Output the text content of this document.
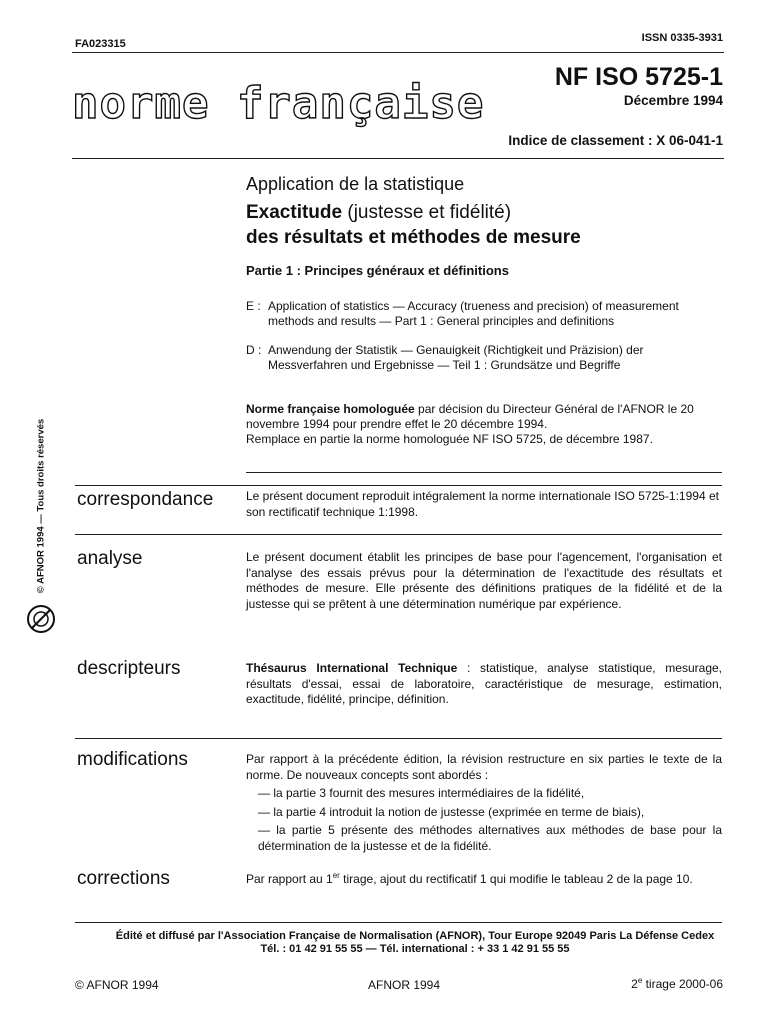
FA023315	ISSN 0335-3931
norme française
NF ISO 5725-1
Décembre 1994
Indice de classement : X 06-041-1
Application de la statistique
Exactitude (justesse et fidélité)
des résultats et méthodes de mesure
Partie 1 : Principes généraux et définitions
E : Application of statistics — Accuracy (trueness and precision) of measurement methods and results — Part 1 : General principles and definitions
D : Anwendung der Statistik — Genauigkeit (Richtigkeit und Präzision) der Messverfahren und Ergebnisse — Teil 1 : Grundsätze und Begriffe

Norme française homologuée par décision du Directeur Général de l'AFNOR le 20 novembre 1994 pour prendre effet le 20 décembre 1994.

Remplace en partie la norme homologuée NF ISO 5725, de décembre 1987.

© AFNOR 1994 — Tous droits réservés correspondance	Le présent document reproduit intégralement la norme internationale ISO 5725-1:1994 et son rectificatif technique 1:1998.
analyse	Le présent document établit les principes de base pour l'agencement, l'organisation et l'analyse des essais prévus pour la détermination de l'exactitude des résultats et méthodes de mesure. Elle présente des définitions pratiques de la fidélité et de la justesse qui se prêtent à une détermination numérique par expérience.
descripteurs	Thésaurus International Technique : statistique, analyse statistique, mesurage, résultats d'essai, essai de laboratoire, caractéristique de mesurage, estimation, exactitude, fidélité, principe, définition.
modifications	Par rapport à la précédente édition, la révision restructure en six parties le texte de la norme. De nouveaux concepts sont abordés :

— la partie 3 fournit des mesures intermédiaires de la fidélité,

— la partie 4 introduit la notion de justesse (exprimée en terme de biais),

— la partie 5 présente des méthodes alternatives aux méthodes de base pour la détermination de la justesse et de la fidélité.

corrections	Par rapport au 1er tirage, ajout du rectificatif 1 qui modifie le tableau 2 de la page 10.
Édité et diffusé par l'Association Française de Normalisation (AFNOR), Tour Europe 92049 Paris La Défense Cedex
Tél. : 01 42 91 55 55 — Tél. international : + 33 1 42 91 55 55
© AFNOR 1994	AFNOR 1994	2e tirage 2000-06
